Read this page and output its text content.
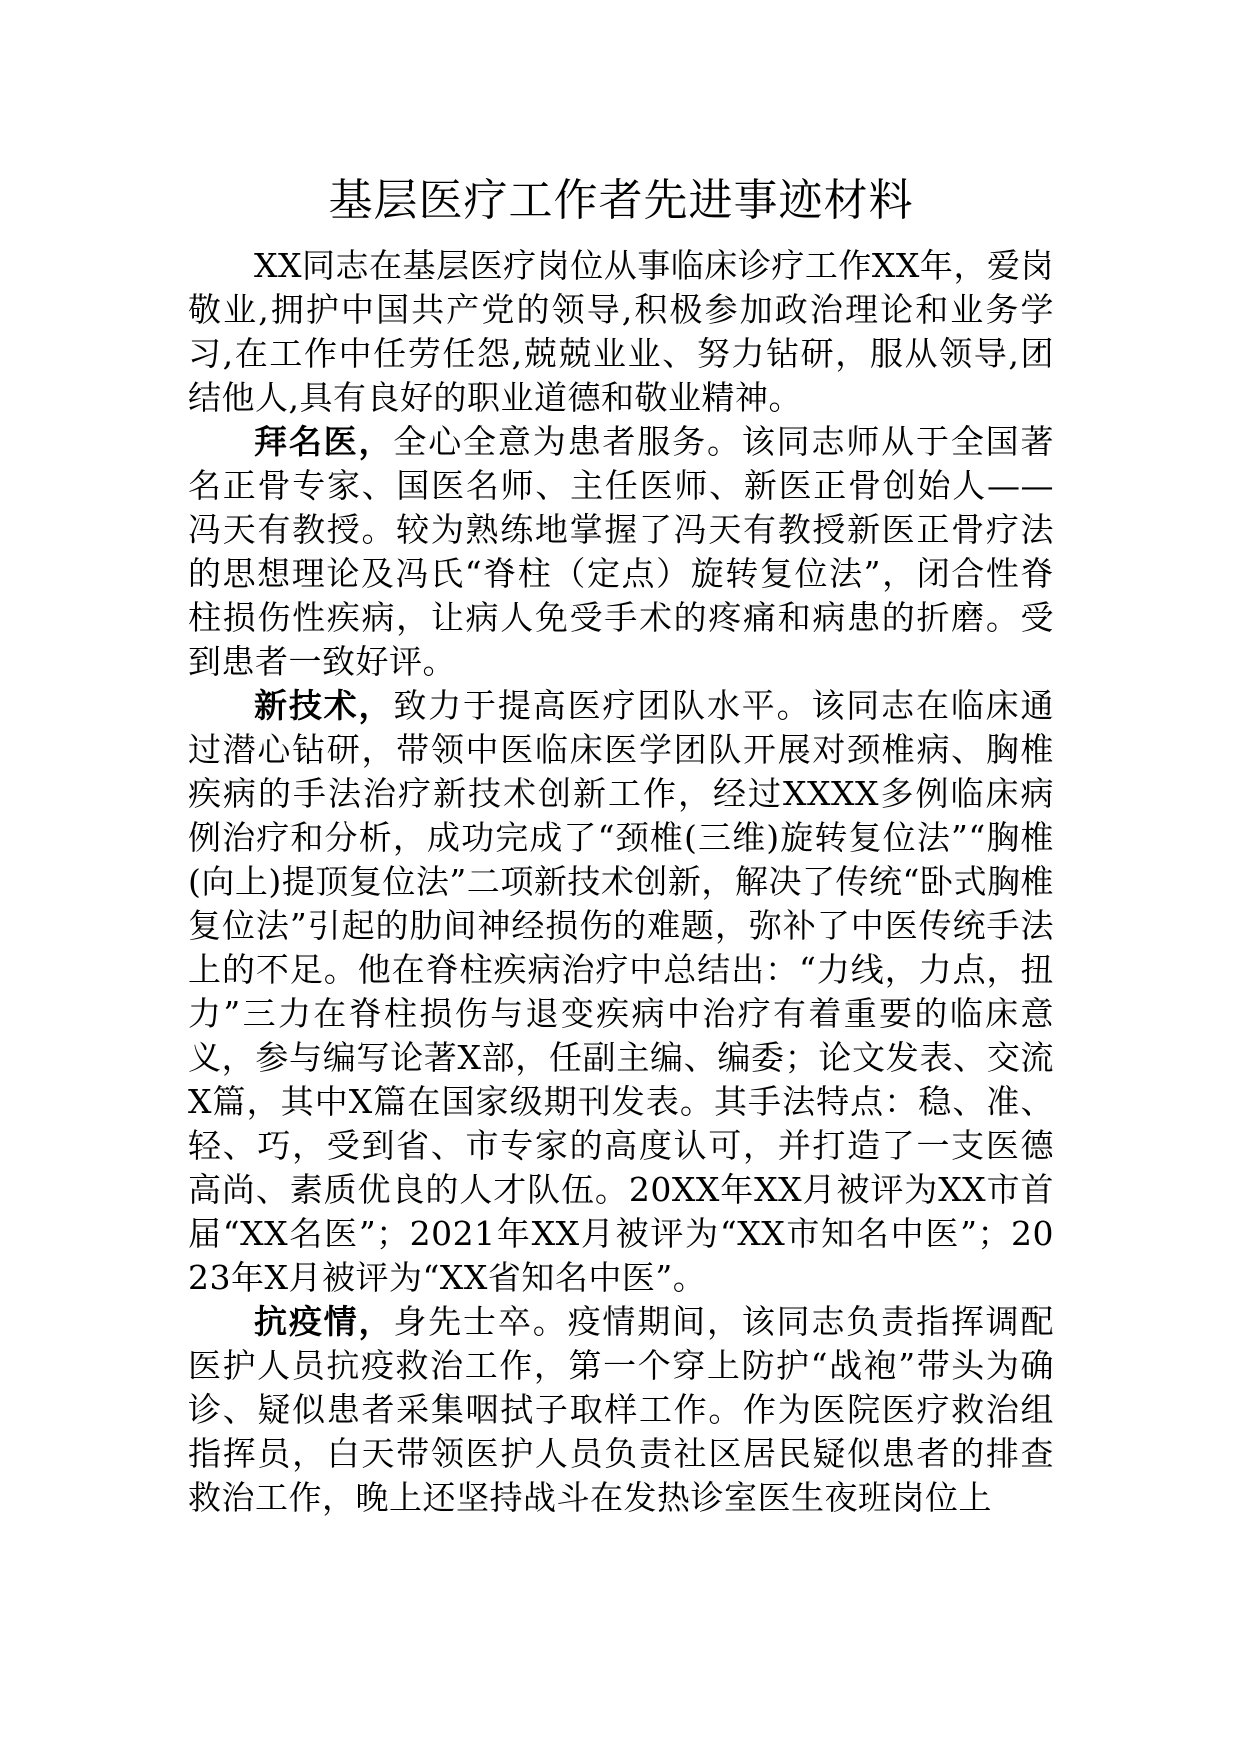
基层医疗工作者先进事迹材料

XX同志在基层医疗岗位从事临床诊疗工作XX年，爱岗敬业,拥护中国共产党的领导,积极参加政治理论和业务学习,在工作中任劳任怨,兢兢业业、努力钻研，服从领导,团结他人,具有良好的职业道德和敬业精神。

拜名医，全心全意为患者服务。该同志师从于全国著名正骨专家、国医名师、主任医师、新医正骨创始人——冯天有教授。较为熟练地掌握了冯天有教授新医正骨疗法的思想理论及冯氏“脊柱（定点）旋转复位法”，闭合性脊柱损伤性疾病，让病人免受手术的疼痛和病患的折磨。受到患者一致好评。

新技术，致力于提高医疗团队水平。该同志在临床通过潜心钻研，带领中医临床医学团队开展对颈椎病、胸椎疾病的手法治疗新技术创新工作，经过XXXX多例临床病例治疗和分析，成功完成了“颈椎(三维)旋转复位法”“胸椎(向上)提顶复位法”二项新技术创新，解决了传统“卧式胸椎复位法”引起的肋间神经损伤的难题，弥补了中医传统手法上的不足。他在脊柱疾病治疗中总结出：“力线，力点，扭力”三力在脊柱损伤与退变疾病中治疗有着重要的临床意义，参与编写论著X部，任副主编、编委；论文发表、交流X篇，其中X篇在国家级期刊发表。其手法特点：稳、准、轻、巧，受到省、市专家的高度认可，并打造了一支医德高尚、素质优良的人才队伍。20XX年XX月被评为XX市首届“XX名医”；2021年XX月被评为“XX市知名中医”；2023年X月被评为“XX省知名中医”。

抗疫情，身先士卒。疫情期间，该同志负责指挥调配医护人员抗疫救治工作，第一个穿上防护“战袍”带头为确诊、疑似患者采集咽拭子取样工作。作为医院医疗救治组指挥员，白天带领医护人员负责社区居民疑似患者的排查救治工作，晚上还坚持战斗在发热诊室医生夜班岗位上
